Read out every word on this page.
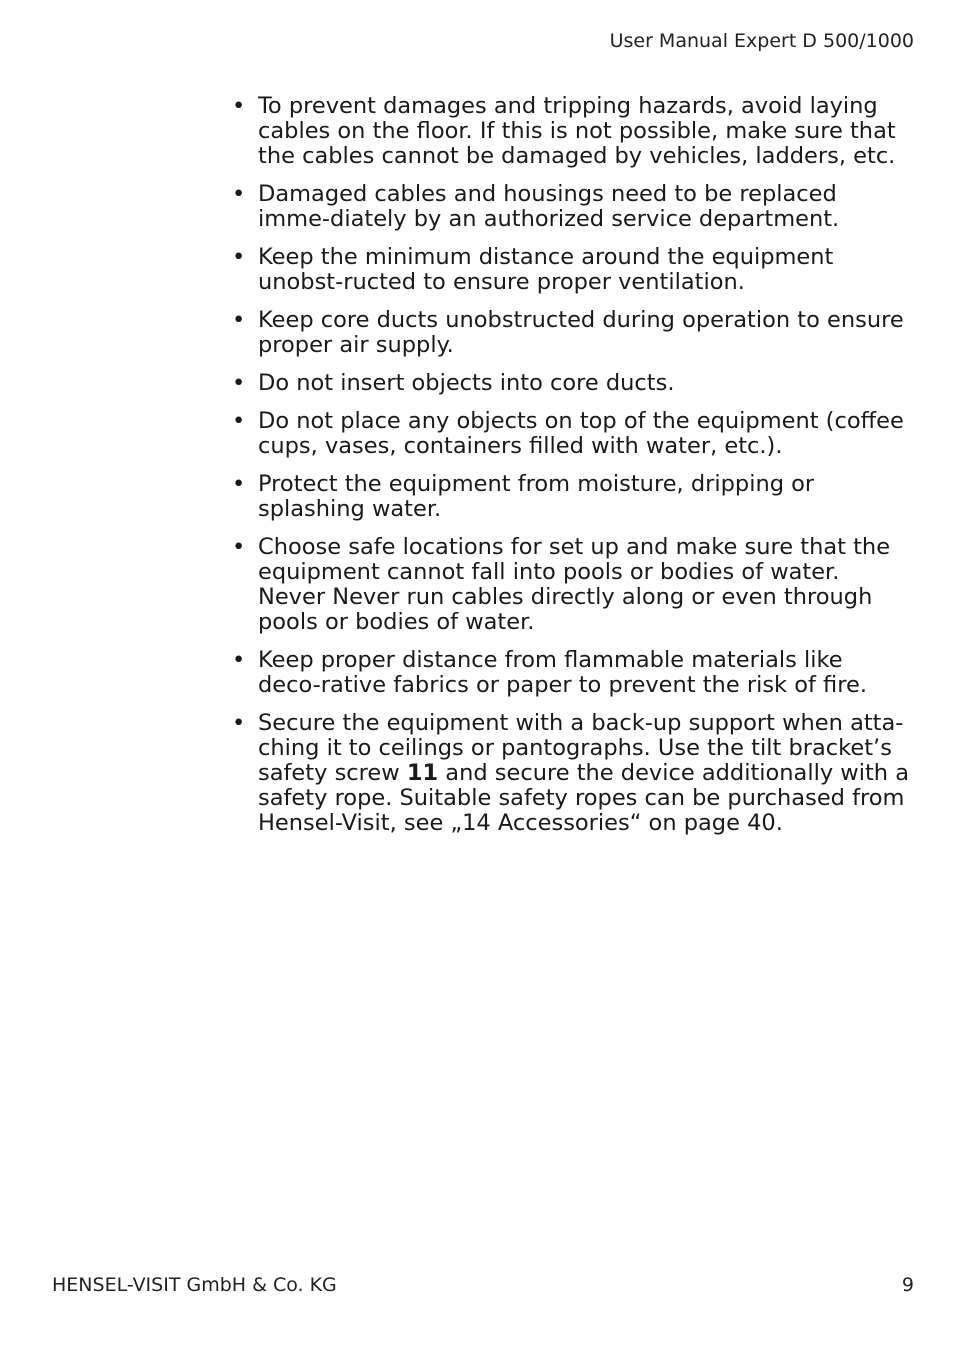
User Manual Expert D 500/1000
• To prevent damages and tripping hazards, avoid laying cables on the floor. If this is not possible, make sure that the cables cannot be damaged by vehicles, ladders, etc.
• Damaged cables and housings need to be replaced imme-diately by an authorized service department.
• Keep the minimum distance around the equipment unobst-ructed to ensure proper ventilation.
• Keep core ducts unobstructed during operation to ensure proper air supply.
• Do not insert objects into core ducts.
• Do not place any objects on top of the equipment (coffee cups, vases, containers filled with water, etc.).
• Protect the equipment from moisture, dripping or splashing water.
• Choose safe locations for set up and make sure that the equipment cannot fall into pools or bodies of water. Never Never run cables directly along or even through pools or bodies of water.
• Keep proper distance from flammable materials like deco-rative fabrics or paper to prevent the risk of fire.
• Secure the equipment with a back-up support when atta-ching it to ceilings or pantographs. Use the tilt bracket’s safety screw 11 and secure the device additionally with a safety rope. Suitable safety ropes can be purchased from Hensel-Visit, see „14 Accessories“ on page 40.
HENSEL-VISIT GmbH & Co. KG	9
